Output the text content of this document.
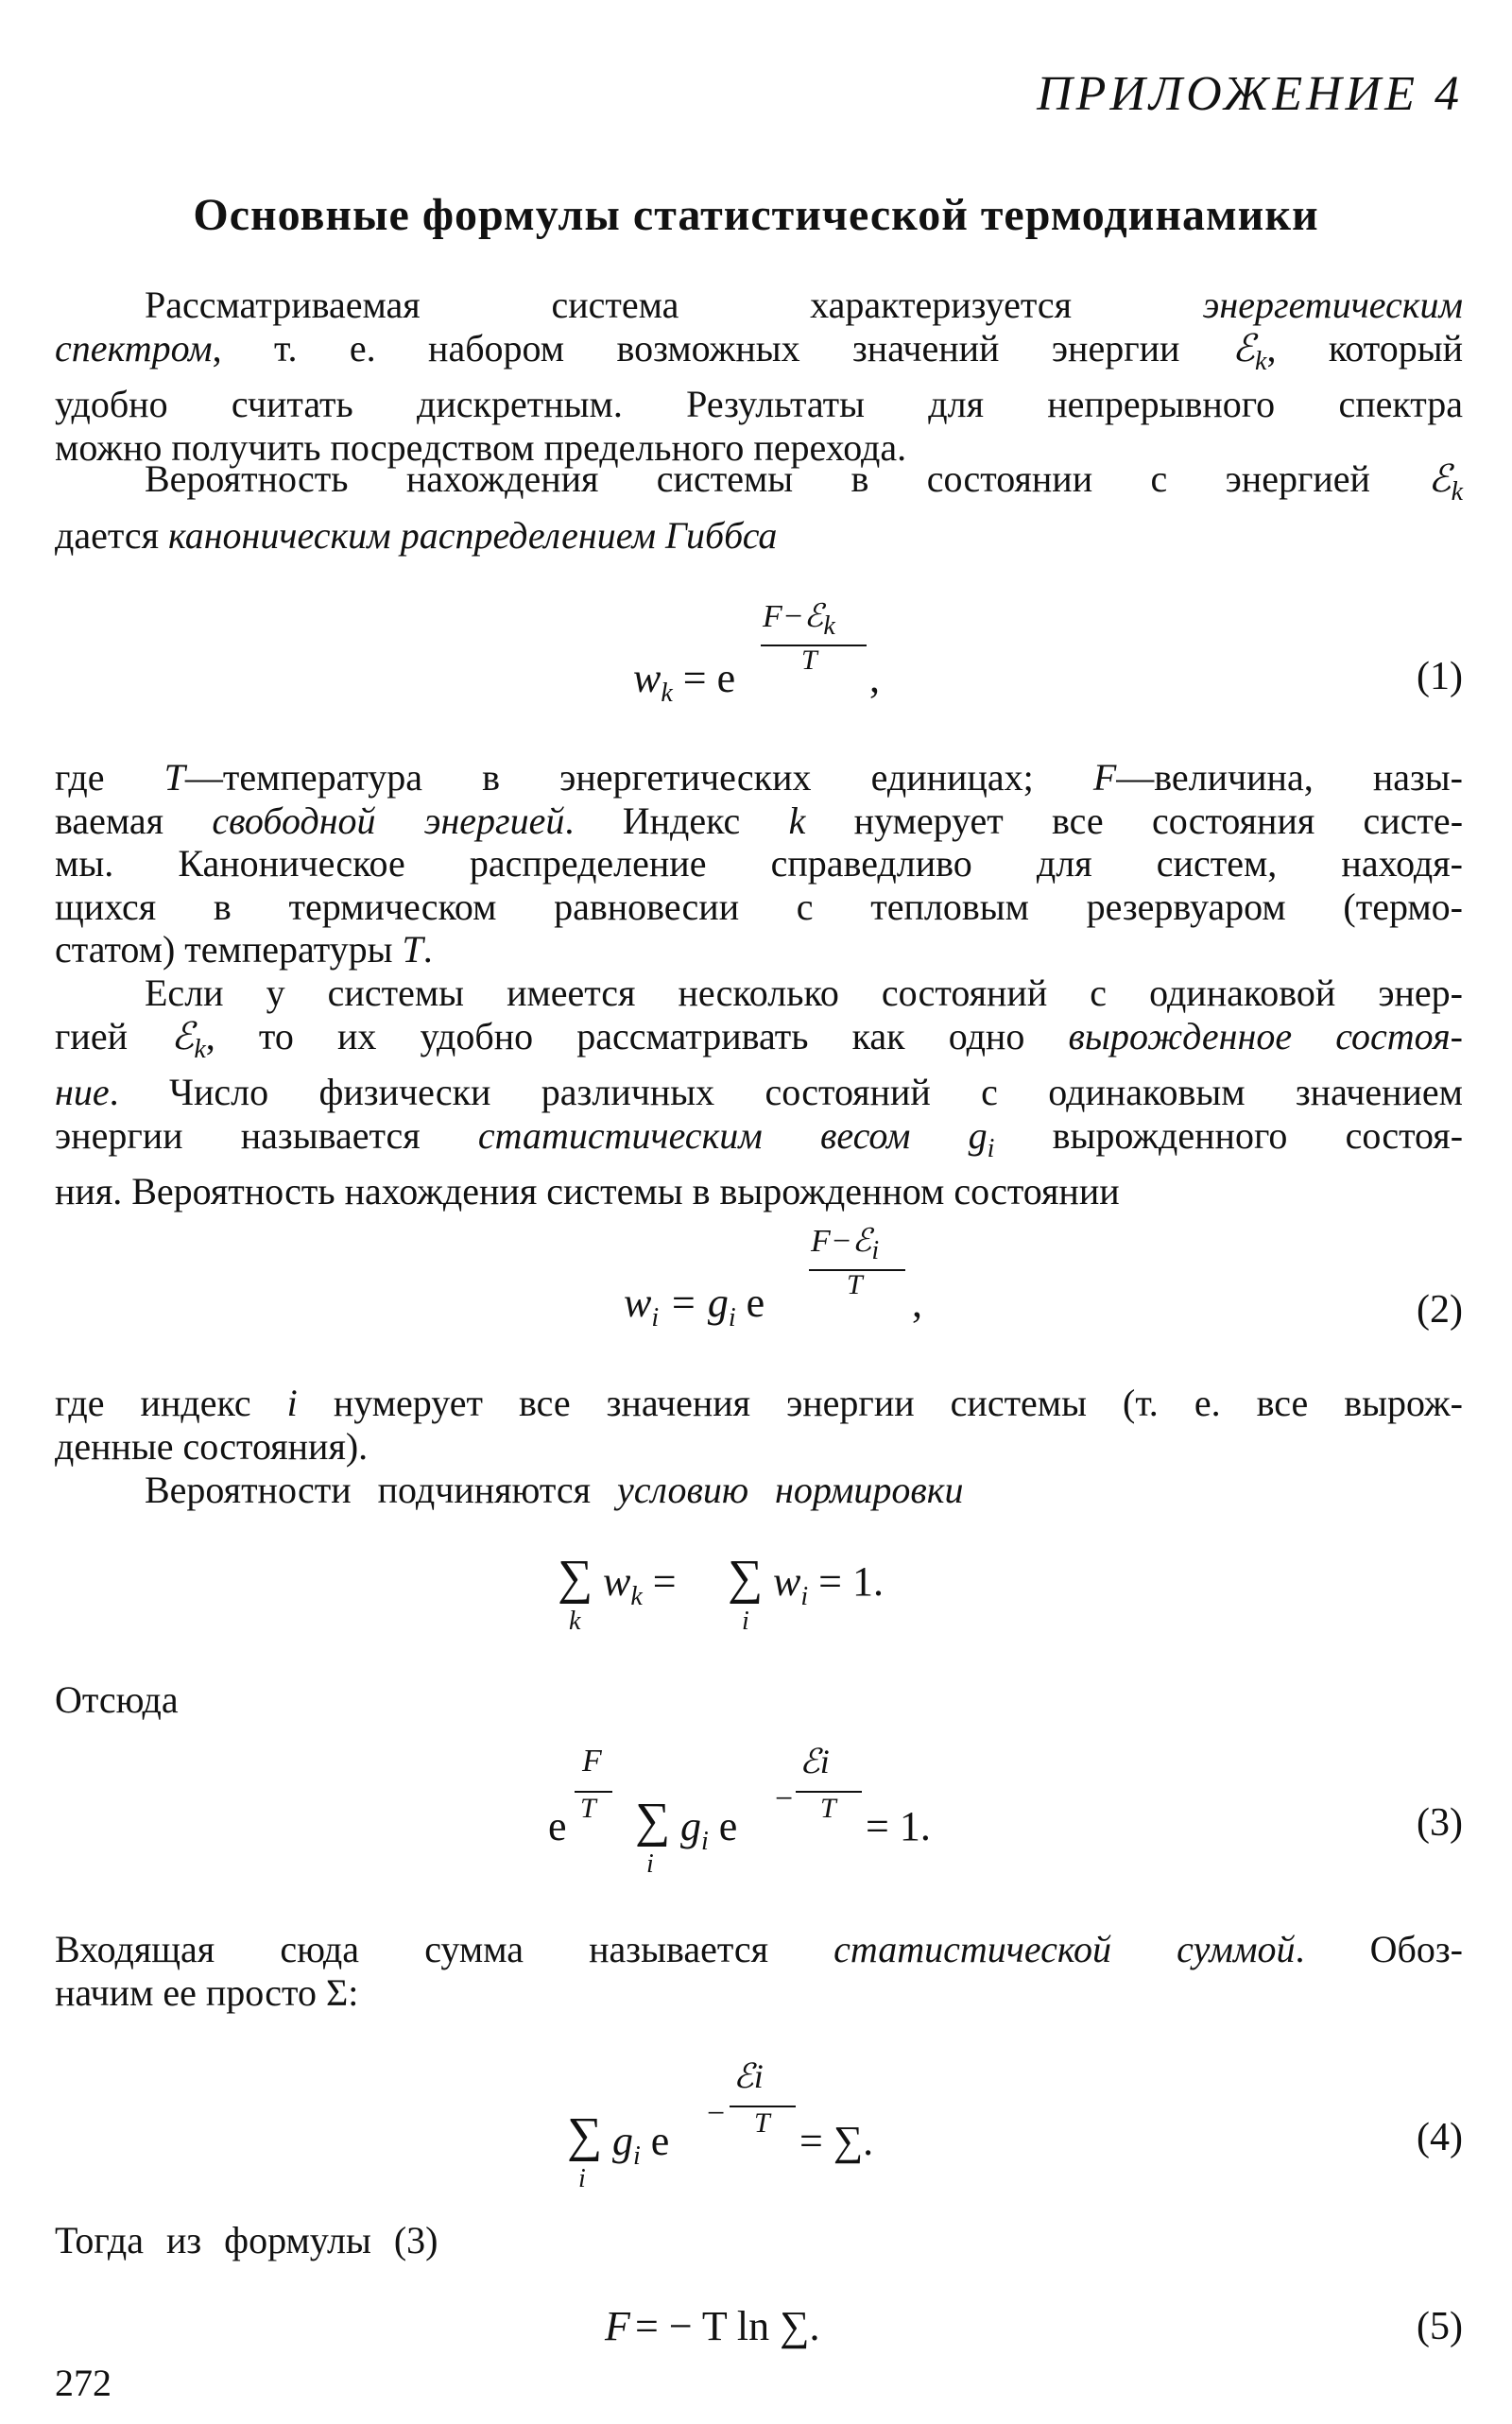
ПРИЛОЖЕНИЕ 4
Основные формулы статистической термодинамики
Рассматриваемая система характеризуется энергетическим
спектром, т. е. набором возможных значений энергии ℰ$_k$, который
удобно считать дискретным. Результаты для непрерывного спектра
можно получить посредством предельного перехода.
Вероятность нахождения системы в состоянии с энергией ℰ$_k$
дается каноническим распределением Гиббса
F−ℰ$_k$
T
$w_k = e$	,	(1)
где T—температура в энергетических единицах; F—величина, назы-
ваемая свободной энергией. Индекс k нумерует все состояния систе-
мы. Каноническое распределение справедливо для систем, находя-
щихся в термическом равновесии с тепловым резервуаром (термо-
статом) температуры T.
Если у системы имеется несколько состояний с одинаковой энер-
гией ℰ$_k$, то их удобно рассматривать как одно вырожденное состоя-
ние. Число физически различных состояний с одинаковым значением
энергии называется статистическим весом $g_i$ вырожденного состоя-
ния. Вероятность нахождения системы в вырожденном состоянии
F−ℰ$_i$
T
$w_i = g_i$ e	,	(2)
где индекс i нумерует все значения энергии системы (т. е. все вырож-
денные состояния).
Вероятности подчиняются условию нормировки
∑
k
$w_k$ = ∑
i
$w_i = 1$.
Отсюда
F
T
e ∑
i
$g_i$ e
−
ℰi
T = 1.	(3)
Входящая сюда сумма называется статистической суммой. Обоз-
начим ее просто Σ:
∑
i
$g_i$ e
−
ℰi
T = ∑.	(4)
Тогда из формулы (3)
F = − T ln ∑.	(5)
272
